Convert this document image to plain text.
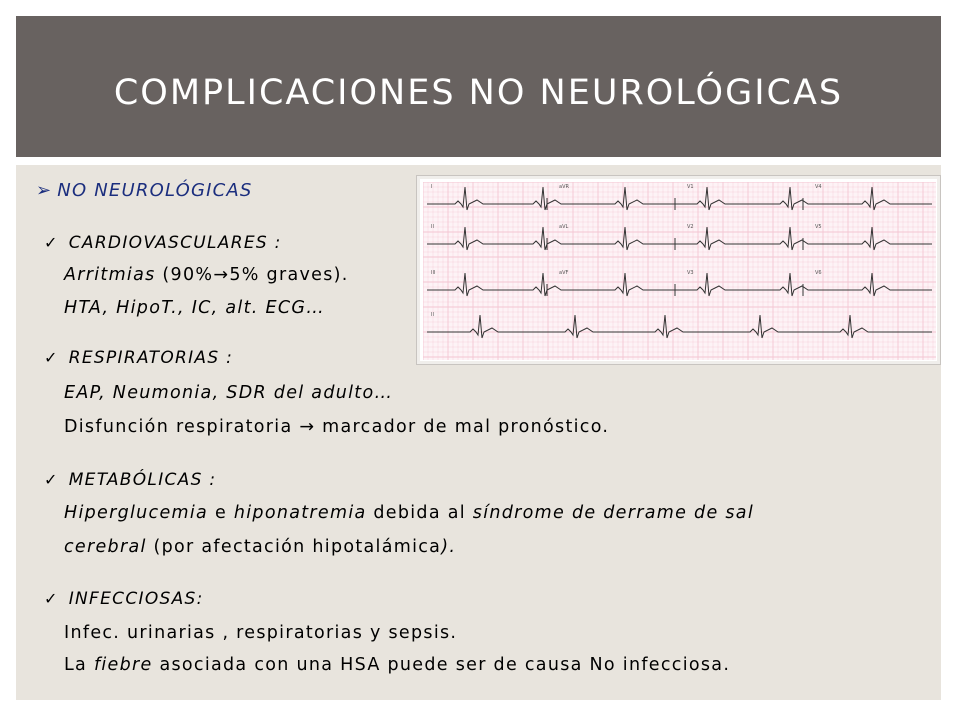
COMPLICACIONES NO NEUROLÓGICAS
➢ NO NEUROLÓGICAS	I	aVR	V1	V4
II	aVL	V2	V5
III	aVF	V3	V6
II
✓ CARDIOVASCULARES :
Arritmias (90%→5% graves).
HTA, HipoT., IC, alt. ECG…
✓ RESPIRATORIAS :
EAP, Neumonia, SDR del adulto…
Disfunción respiratoria → marcador de mal pronóstico.
✓ METABÓLICAS :
Hiperglucemia e hiponatremia debida al síndrome de derrame de sal
cerebral (por afectación hipotalámica).
✓ INFECCIOSAS:
Infec. urinarias , respiratorias y sepsis.
La fiebre asociada con una HSA puede ser de causa No infecciosa.
